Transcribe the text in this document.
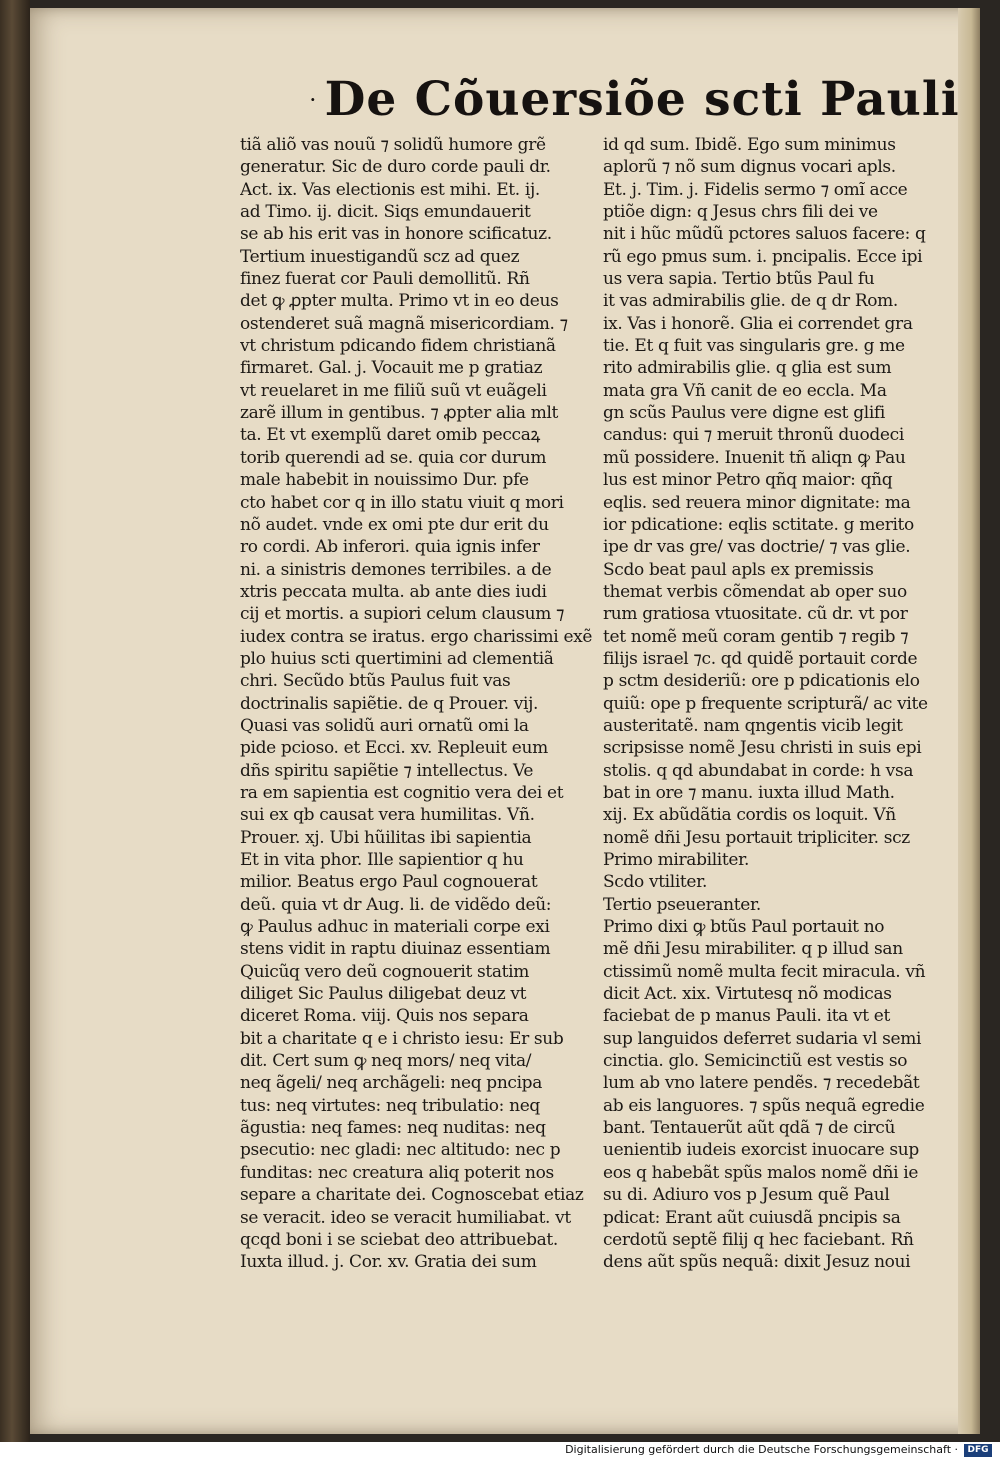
· De Cõuersiõe scti Pauli
tiã aliõ vas nouũ ⁊ solidũ humore grẽ
generatur. Sic de duro corde pauli dr.
Act. ix. Vas electionis est mihi. Et. ij.
ad Timo. ij. dicit. Siqs emundauerit
se ab his erit vas in honore scificatuz.
Tertium inuestigandũ scz ad quez
finez fuerat cor Pauli demollitũ. Rñ
det ꝙ ꝓpter multa. Primo vt in eo deus
ostenderet suã magnã misericordiam. ⁊
vt christum pdicando fidem christianã
firmaret. Gal. j. Vocauit me p gratiaz
vt reuelaret in me filiũ suũ vt euãgeli
zarẽ illum in gentibus. ⁊ ꝓpter alia mlt
ta. Et vt exemplũ daret omib peccaꝝ
torib querendi ad se. quia cor durum
male habebit in nouissimo Dur. pfe
cto habet cor q in illo statu viuit q mori
nõ audet. vnde ex omi pte dur erit du
ro cordi. Ab inferori. quia ignis infer
ni. a sinistris demones terribiles. a de
xtris peccata multa. ab ante dies iudi
cij et mortis. a supiori celum clausum ⁊
iudex contra se iratus. ergo charissimi exẽ
plo huius scti quertimini ad clementiã
chri. Secũdo btũs Paulus fuit vas
doctrinalis sapiẽtie. de q Prouer. vij.
Quasi vas solidũ auri ornatũ omi la
pide pcioso. et Ecci. xv. Repleuit eum
dñs spiritu sapiẽtie ⁊ intellectus. Ve
ra em sapientia est cognitio vera dei et
sui ex qb causat vera humilitas. Vñ.
Prouer. xj. Ubi hũilitas ibi sapientia
Et in vita phor. Ille sapientior q hu
milior. Beatus ergo Paul cognouerat
deũ. quia vt dr Aug. li. de vidẽdo deũ:
ꝙ Paulus adhuc in materiali corpe exi
stens vidit in raptu diuinaz essentiam
Quicũq vero deũ cognouerit statim
diliget Sic Paulus diligebat deuz vt
diceret Roma. viij. Quis nos separa
bit a charitate q e i christo iesu: Er sub
dit. Cert sum ꝙ neq mors/ neq vita/
neq ãgeli/ neq archãgeli: neq pncipa
tus: neq virtutes: neq tribulatio: neq
ãgustia: neq fames: neq nuditas: neq
psecutio: nec gladi: nec altitudo: nec p
funditas: nec creatura aliq poterit nos
separe a charitate dei. Cognoscebat etiaz
se veracit. ideo se veracit humiliabat. vt
qcqd boni i se sciebat deo attribuebat.
Iuxta illud. j. Cor. xv. Gratia dei sum
id qd sum. Ibidẽ. Ego sum minimus
aplorũ ⁊ nõ sum dignus vocari apls.
Et. j. Tim. j. Fidelis sermo ⁊ omĩ acce
ptiõe dign: q Jesus chrs fili dei ve
nit i hũc mũdũ pctores saluos facere: q
rũ ego pmus sum. i. pncipalis. Ecce ipi
us vera sapia. Tertio btũs Paul fu
it vas admirabilis glie. de q dr Rom.
ix. Vas i honorẽ. Glia ei correndet gra
tie. Et q fuit vas singularis gre. g me
rito admirabilis glie. q glia est sum
mata gra Vñ canit de eo eccla. Ma
gn scũs Paulus vere digne est glifi
candus: qui ⁊ meruit thronũ duodeci
mũ possidere. Inuenit tñ aliqn ꝙ Pau
lus est minor Petro qñq maior: qñq
eqlis. sed reuera minor dignitate: ma
ior pdicatione: eqlis sctitate. g merito
ipe dr vas gre/ vas doctrie/ ⁊ vas glie.
Scdo beat paul apls ex premissis
themat verbis cõmendat ab oper suo
rum gratiosa vtuositate. cũ dr. vt por
tet nomẽ meũ coram gentib ⁊ regib ⁊
filijs israel ⁊c. qd quidẽ portauit corde
p sctm desideriũ: ore p pdicationis elo
quiũ: ope p frequente scripturã/ ac vite
austeritatẽ. nam qngentis vicib legit
scripsisse nomẽ Jesu christi in suis epi
stolis. q qd abundabat in corde: h vsa
bat in ore ⁊ manu. iuxta illud Math.
xij. Ex abũdãtia cordis os loquit. Vñ
nomẽ dñi Jesu portauit tripliciter. scz
Primo mirabiliter.
Scdo vtiliter.
Tertio pseueranter.
Primo dixi ꝙ btũs Paul portauit no
mẽ dñi Jesu mirabiliter. q p illud san
ctissimũ nomẽ multa fecit miracula. vñ
dicit Act. xix. Virtutesq nõ modicas
faciebat de p manus Pauli. ita vt et
sup languidos deferret sudaria vl semi
cinctia. glo. Semicinctiũ est vestis so
lum ab vno latere pendẽs. ⁊ recedebãt
ab eis languores. ⁊ spũs nequã egredie
bant. Tentauerũt aũt qdã ⁊ de circũ
uenientib iudeis exorcist inuocare sup
eos q habebãt spũs malos nomẽ dñi ie
su di. Adiuro vos p Jesum quẽ Paul
pdicat: Erant aũt cuiusdã pncipis sa
cerdotũ septẽ filij q hec faciebant. Rñ
dens aũt spũs nequã: dixit Jesuz noui
Digitalisierung gefördert durch die Deutsche Forschungsgemeinschaft ·	DFG
